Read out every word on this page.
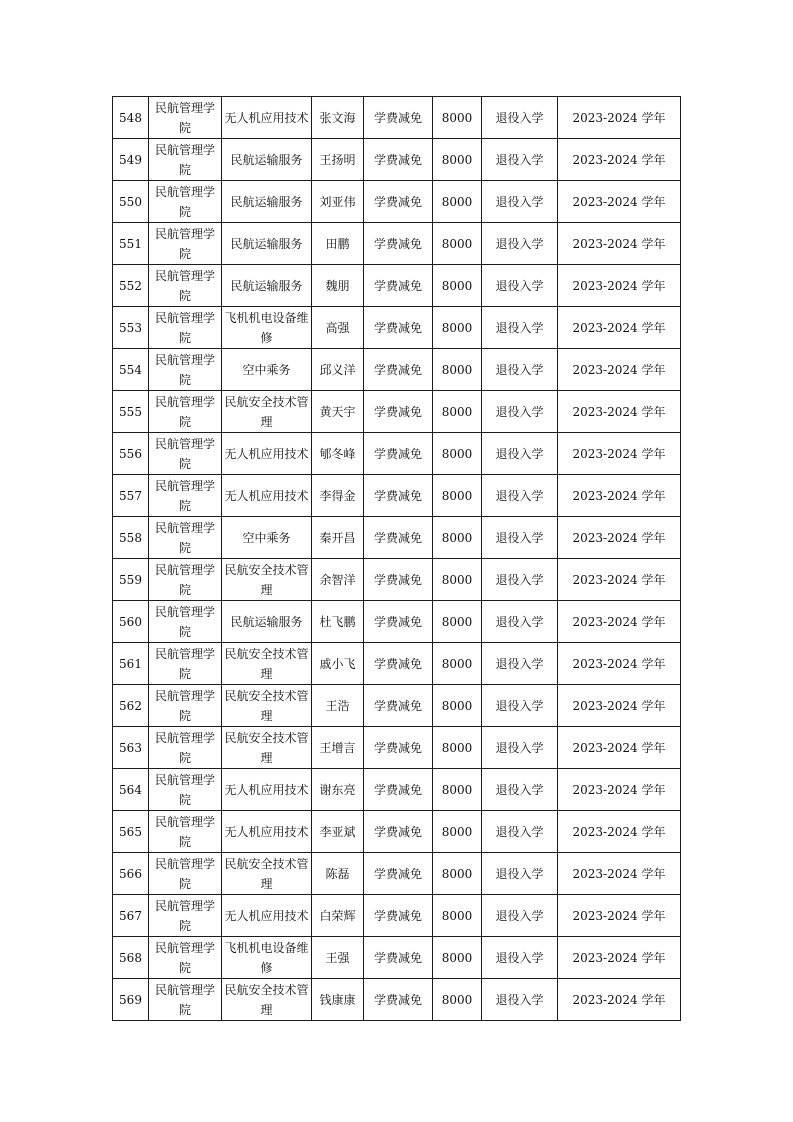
548	民航管理学院	无人机应用技术	张文海	学费减免	8000	退役入学	2023-2024 学年
549	民航管理学院	民航运输服务	王扬明	学费减免	8000	退役入学	2023-2024 学年
550	民航管理学院	民航运输服务	刘亚伟	学费减免	8000	退役入学	2023-2024 学年
551	民航管理学院	民航运输服务	田鹏	学费减免	8000	退役入学	2023-2024 学年
552	民航管理学院	民航运输服务	魏朋	学费减免	8000	退役入学	2023-2024 学年
553	民航管理学院	飞机机电设备维修	高强	学费减免	8000	退役入学	2023-2024 学年
554	民航管理学院	空中乘务	邱义洋	学费减免	8000	退役入学	2023-2024 学年
555	民航管理学院	民航安全技术管理	黄天宇	学费减免	8000	退役入学	2023-2024 学年
556	民航管理学院	无人机应用技术	郇冬峰	学费减免	8000	退役入学	2023-2024 学年
557	民航管理学院	无人机应用技术	李得金	学费减免	8000	退役入学	2023-2024 学年
558	民航管理学院	空中乘务	秦开昌	学费减免	8000	退役入学	2023-2024 学年
559	民航管理学院	民航安全技术管理	余智洋	学费减免	8000	退役入学	2023-2024 学年
560	民航管理学院	民航运输服务	杜飞鹏	学费减免	8000	退役入学	2023-2024 学年
561	民航管理学院	民航安全技术管理	戚小飞	学费减免	8000	退役入学	2023-2024 学年
562	民航管理学院	民航安全技术管理	王浩	学费减免	8000	退役入学	2023-2024 学年
563	民航管理学院	民航安全技术管理	王增言	学费减免	8000	退役入学	2023-2024 学年
564	民航管理学院	无人机应用技术	谢东亮	学费减免	8000	退役入学	2023-2024 学年
565	民航管理学院	无人机应用技术	李亚斌	学费减免	8000	退役入学	2023-2024 学年
566	民航管理学院	民航安全技术管理	陈磊	学费减免	8000	退役入学	2023-2024 学年
567	民航管理学院	无人机应用技术	白荣辉	学费减免	8000	退役入学	2023-2024 学年
568	民航管理学院	飞机机电设备维修	王强	学费减免	8000	退役入学	2023-2024 学年
569	民航管理学院	民航安全技术管理	钱康康	学费减免	8000	退役入学	2023-2024 学年
